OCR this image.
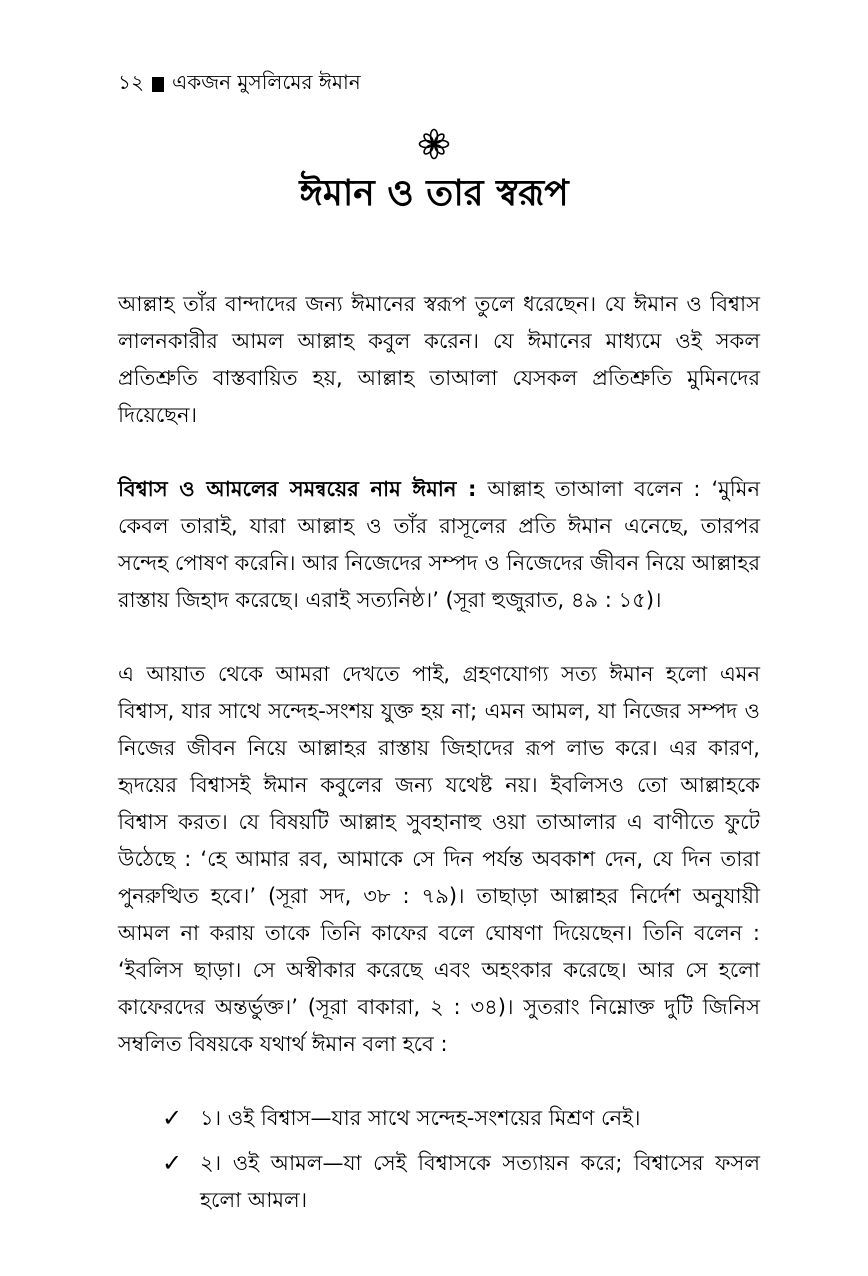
১২ একজন মুসলিমের ঈমান
ঈমান ও তার স্বরূপ

আল্লাহ তাঁর বান্দাদের জন্য ঈমানের স্বরূপ তুলে ধরেছেন। যে ঈমান ও বিশ্বাস লালনকারীর আমল আল্লাহ কবুল করেন। যে ঈমানের মাধ্যমে ওই সকল প্রতিশ্রুতি বাস্তবায়িত হয়, আল্লাহ তাআলা যেসকল প্রতিশ্রুতি মুমিনদের দিয়েছেন।

বিশ্বাস ও আমলের সমন্বয়ের নাম ঈমান : আল্লাহ তাআলা বলেন : ‘মুমিন কেবল তারাই, যারা আল্লাহ ও তাঁর রাসূলের প্রতি ঈমান এনেছে, তারপর সন্দেহ পোষণ করেনি। আর নিজেদের সম্পদ ও নিজেদের জীবন নিয়ে আল্লাহর রাস্তায় জিহাদ করেছে। এরাই সত্যনিষ্ঠ।’ (সূরা হুজুরাত, ৪৯ : ১৫)।

এ আয়াত থেকে আমরা দেখতে পাই, গ্রহণযোগ্য সত্য ঈমান হলো এমন বিশ্বাস, যার সাথে সন্দেহ-সংশয় যুক্ত হয় না; এমন আমল, যা নিজের সম্পদ ও নিজের জীবন নিয়ে আল্লাহর রাস্তায় জিহাদের রূপ লাভ করে। এর কারণ, হৃদয়ের বিশ্বাসই ঈমান কবুলের জন্য যথেষ্ট নয়। ইবলিসও তো আল্লাহকে বিশ্বাস করত। যে বিষয়টি আল্লাহ সুবহানাহু ওয়া তাআলার এ বাণীতে ফুটে উঠেছে : ‘হে আমার রব, আমাকে সে দিন পর্যন্ত অবকাশ দেন, যে দিন তারা পুনরুত্থিত হবে।’ (সূরা সদ, ৩৮ : ৭৯)। তাছাড়া আল্লাহর নির্দেশ অনুযায়ী আমল না করায় তাকে তিনি কাফের বলে ঘোষণা দিয়েছেন। তিনি বলেন : ‘ইবলিস ছাড়া। সে অস্বীকার করেছে এবং অহংকার করেছে। আর সে হলো কাফেরদের অন্তর্ভুক্ত।’ (সূরা বাকারা, ২ : ৩৪)। সুতরাং নিম্নোক্ত দুটি জিনিস সম্বলিত বিষয়কে যথার্থ ঈমান বলা হবে :

✓ ১। ওই বিশ্বাস—যার সাথে সন্দেহ-সংশয়ের মিশ্রণ নেই।
✓ ২। ওই আমল—যা সেই বিশ্বাসকে সত্যায়ন করে; বিশ্বাসের ফসল হলো আমল।
